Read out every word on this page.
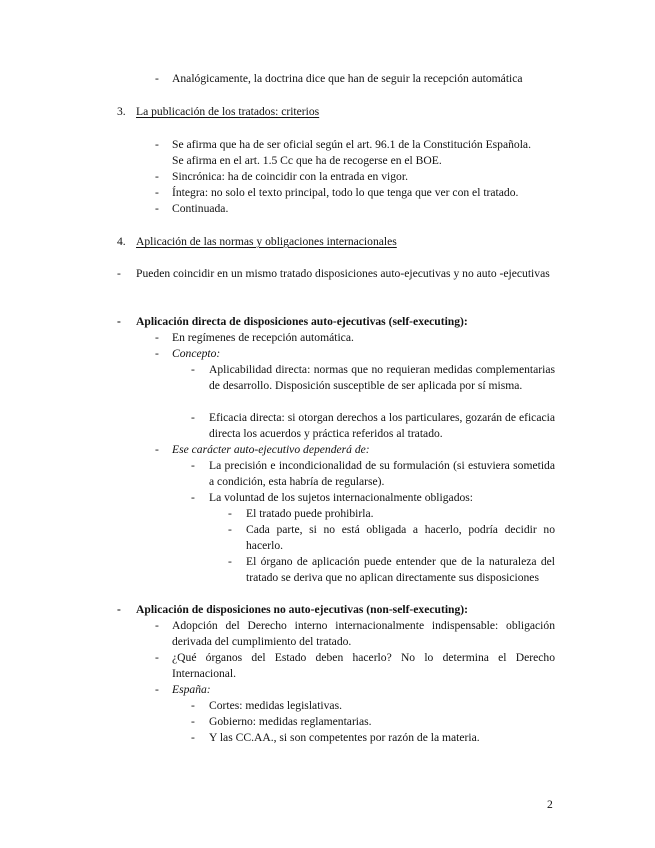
- Analógicamente, la doctrina dice que han de seguir la recepción automática
3. La publicación de los tratados: criterios
- Se afirma que ha de ser oficial según el art. 96.1 de la Constitución Española.
Se afirma en el art. 1.5 Cc que ha de recogerse en el BOE.
- Sincrónica: ha de coincidir con la entrada en vigor.
- Íntegra: no solo el texto principal, todo lo que tenga que ver con el tratado.
- Continuada.
4. Aplicación de las normas y obligaciones internacionales
- Pueden coincidir en un mismo tratado disposiciones auto-ejecutivas y no auto -ejecutivas
- Aplicación directa de disposiciones auto-ejecutivas (self-executing):
- En regímenes de recepción automática.
- Concepto:
- Aplicabilidad directa: normas que no requieran medidas complementarias de desarrollo. Disposición susceptible de ser aplicada por sí misma.
- Eficacia directa: si otorgan derechos a los particulares, gozarán de eficacia directa los acuerdos y práctica referidos al tratado.
- Ese carácter auto-ejecutivo dependerá de:
- La precisión e incondicionalidad de su formulación (si estuviera sometida a condición, esta habría de regularse).
- La voluntad de los sujetos internacionalmente obligados:
- El tratado puede prohibirla.
- Cada parte, si no está obligada a hacerlo, podría decidir no hacerlo.
- El órgano de aplicación puede entender que de la naturaleza del tratado se deriva que no aplican directamente sus disposiciones
- Aplicación de disposiciones no auto-ejecutivas (non-self-executing):
- Adopción del Derecho interno internacionalmente indispensable: obligación derivada del cumplimiento del tratado.
- ¿Qué órganos del Estado deben hacerlo? No lo determina el Derecho Internacional.
- España:
- Cortes: medidas legislativas.
- Gobierno: medidas reglamentarias.
- Y las CC.AA., si son competentes por razón de la materia.
2
